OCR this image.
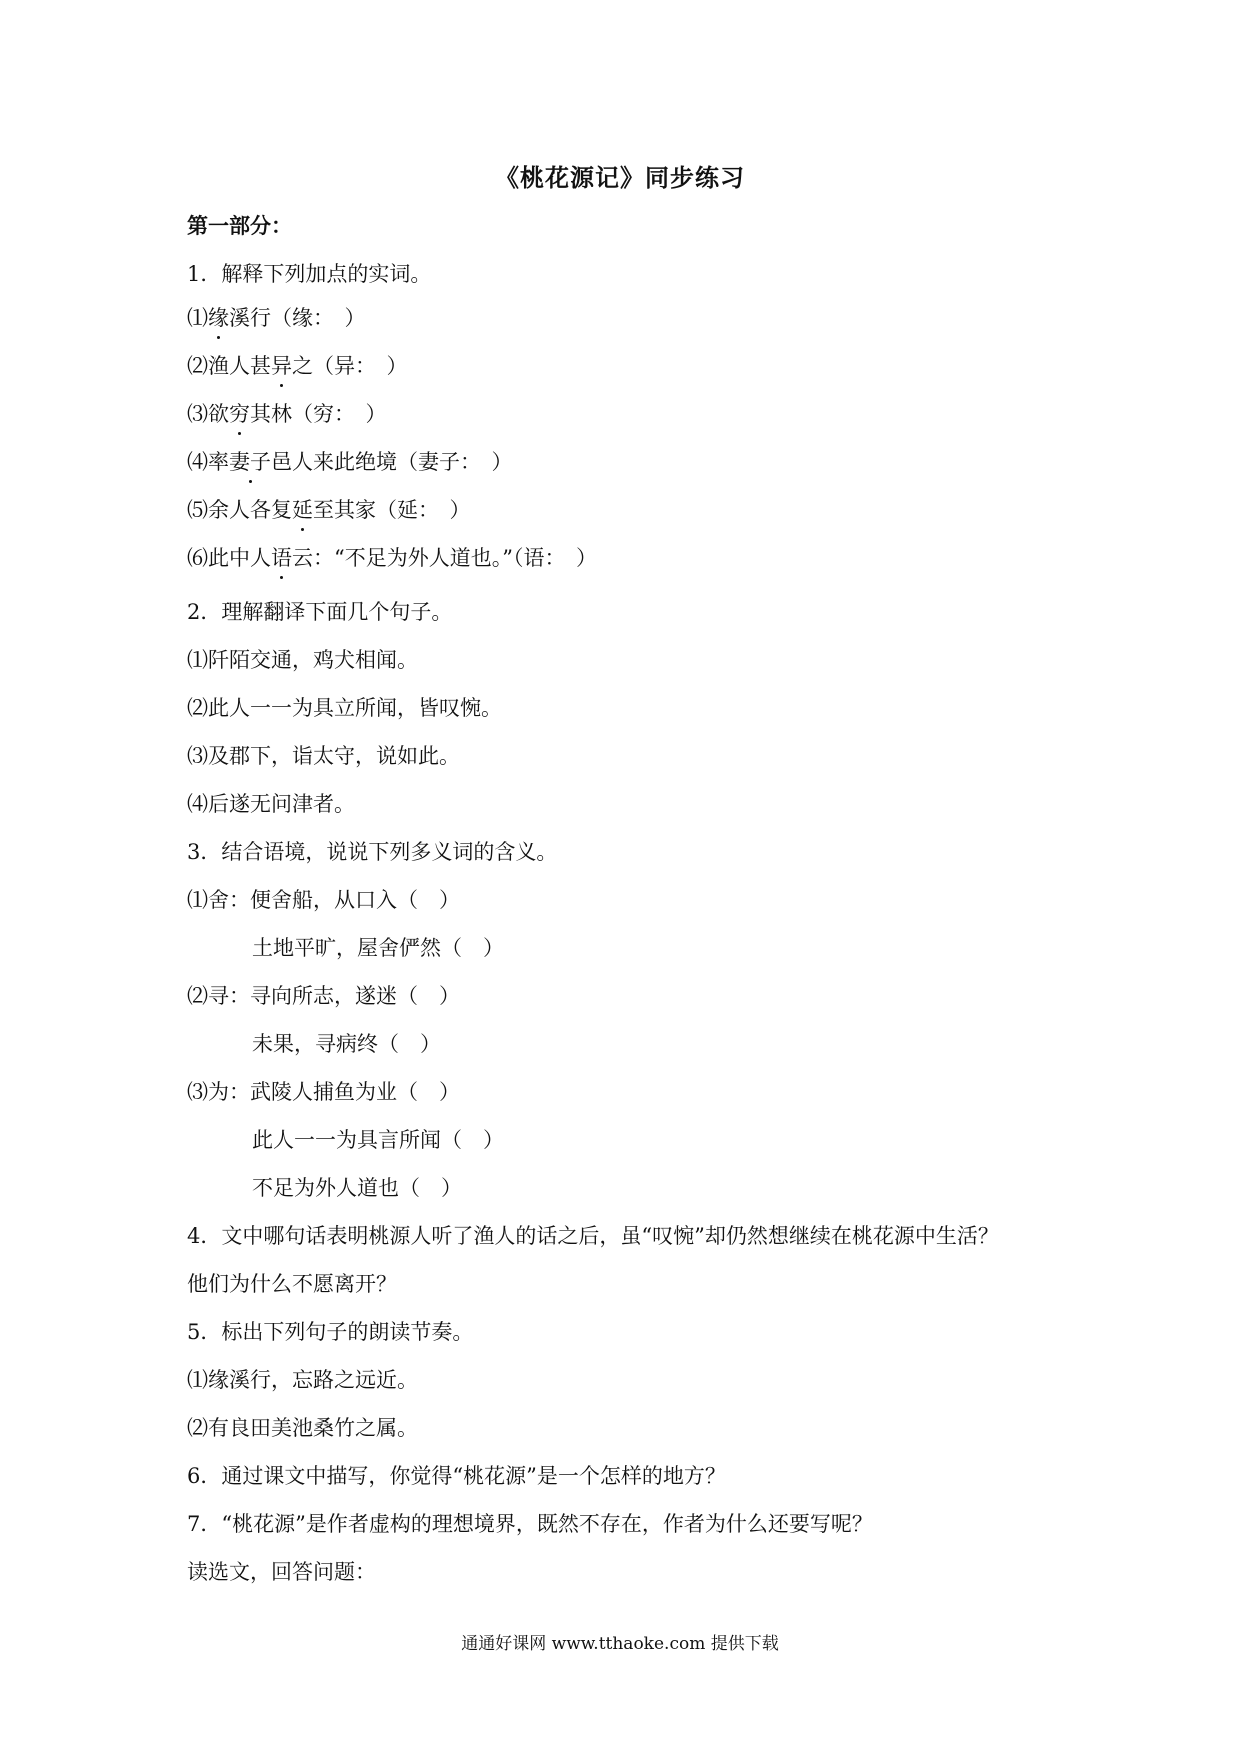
《桃花源记》同步练习
第一部分：
1．解释下列加点的实词。
⑴缘溪行（缘：　）
⑵渔人甚异之（异：　）
⑶欲穷其林（穷：　）
⑷率妻子邑人来此绝境（妻子：　）
⑸余人各复延至其家（延：　）
⑹此中人语云：“不足为外人道也。”（语：　）
2．理解翻译下面几个句子。
⑴阡陌交通，鸡犬相闻。
⑵此人一一为具立所闻，皆叹惋。
⑶及郡下，诣太守，说如此。
⑷后遂无问津者。
3．结合语境，说说下列多义词的含义。
⑴舍：便舍船，从口入（　）
土地平旷，屋舍俨然（　）
⑵寻：寻向所志，遂迷（　）
未果，寻病终（　）
⑶为：武陵人捕鱼为业（　）
此人一一为具言所闻（　）
不足为外人道也（　）
4．文中哪句话表明桃源人听了渔人的话之后，虽“叹惋”却仍然想继续在桃花源中生活？
他们为什么不愿离开？
5．标出下列句子的朗读节奏。
⑴缘溪行，忘路之远近。
⑵有良田美池桑竹之属。
6．通过课文中描写，你觉得“桃花源”是一个怎样的地方？
7．“桃花源”是作者虚构的理想境界，既然不存在，作者为什么还要写呢？
读选文，回答问题：
通通好课网 www.tthaoke.com 提供下载
